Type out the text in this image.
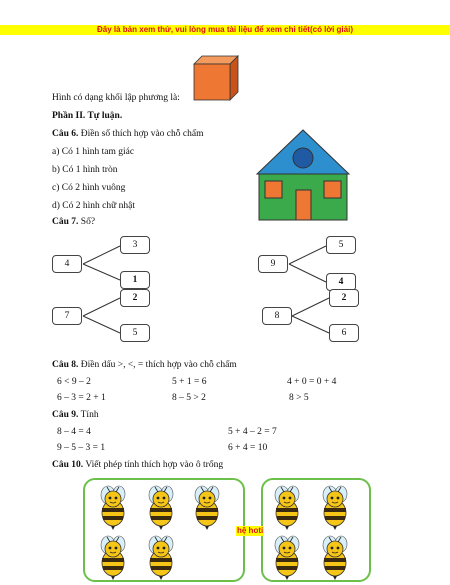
Đây là bản xem thử, vui lòng mua tài liệu để xem chi tiết(có lời giải)
Hình có dạng khối lập phương là:
Phần II. Tự luận.
Câu 6. Điền số thích hợp vào chỗ chấm
a) Có 1 hình tam giác
b) Có 1 hình tròn
c) Có 2 hình vuông
d) Có 2 hình chữ nhật
Câu 7. Số?
4
3
1
7
2
5
9
5
4
8
2
6
Câu 8. Điền dấu >, <, = thích hợp vào chỗ chấm
6 < 9 – 2	5 + 1 = 6	4 + 0 = 0 + 4
6 – 3 = 2 + 1	8 – 5 > 2	8 > 5
Câu 9. Tính
8 – 4 = 4	5 + 4 – 2 = 7
9 – 5 – 3 = 1	6 + 4 = 10
Câu 10. Viết phép tính thích hợp vào ô trống
hệ hoti
